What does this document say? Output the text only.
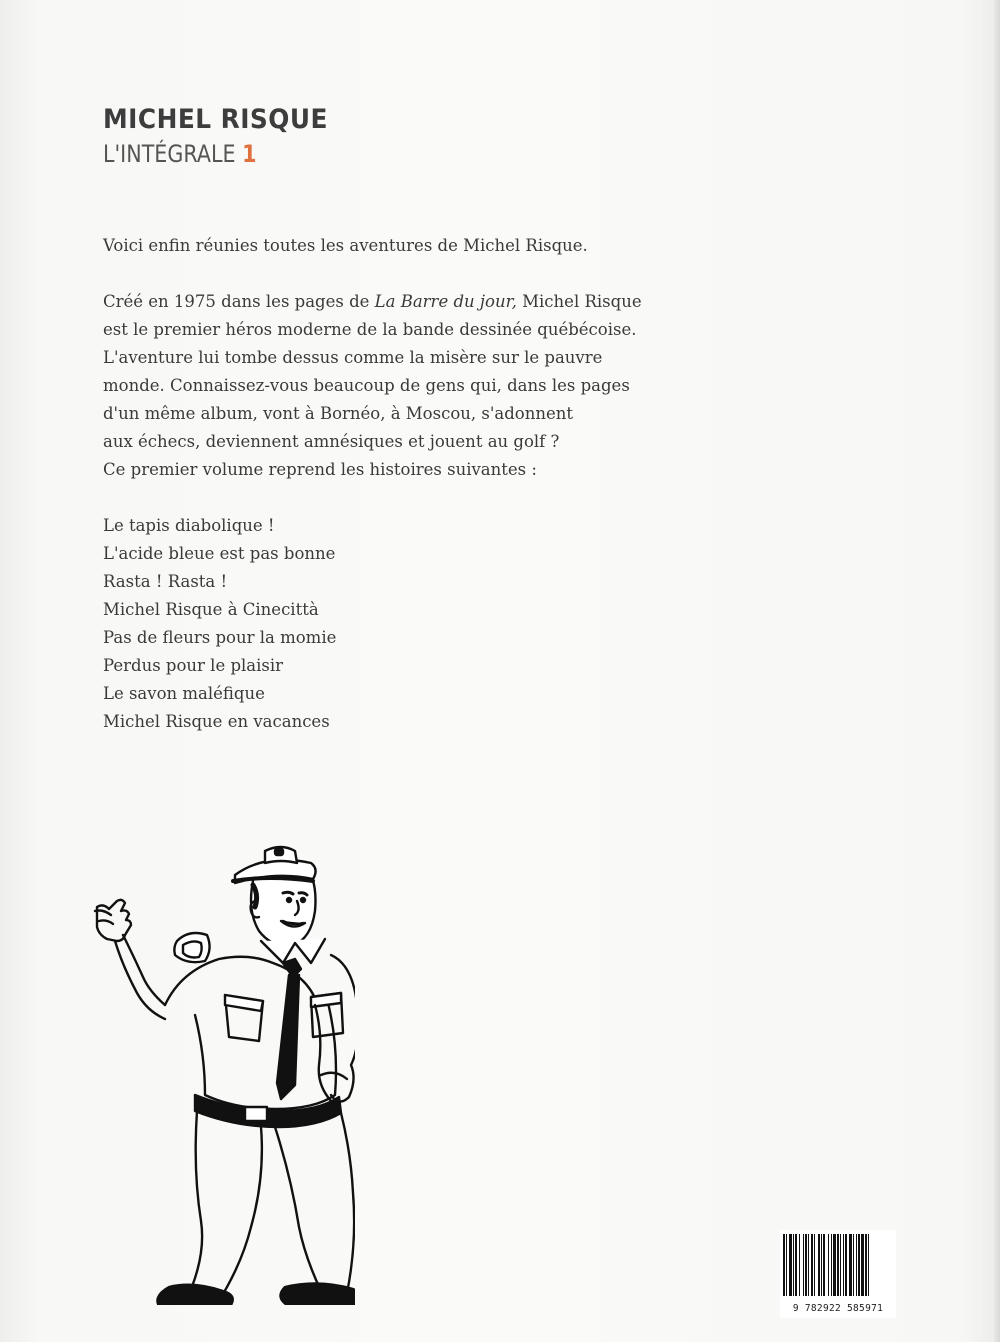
MICHEL RISQUE
L'INTÉGRALE 1

Voici enfin réunies toutes les aventures de Michel Risque.

Créé en 1975 dans les pages de La Barre du jour, Michel Risque
est le premier héros moderne de la bande dessinée québécoise.
L'aventure lui tombe dessus comme la misère sur le pauvre
monde. Connaissez-vous beaucoup de gens qui, dans les pages
d'un même album, vont à Bornéo, à Moscou, s'adonnent
aux échecs, deviennent amnésiques et jouent au golf ?
Ce premier volume reprend les histoires suivantes :

Le tapis diabolique !
L'acide bleue est pas bonne
Rasta ! Rasta !
Michel Risque à Cinecittà
Pas de fleurs pour la momie
Perdus pour le plaisir
Le savon maléfique
Michel Risque en vacances
9 782922 585971
